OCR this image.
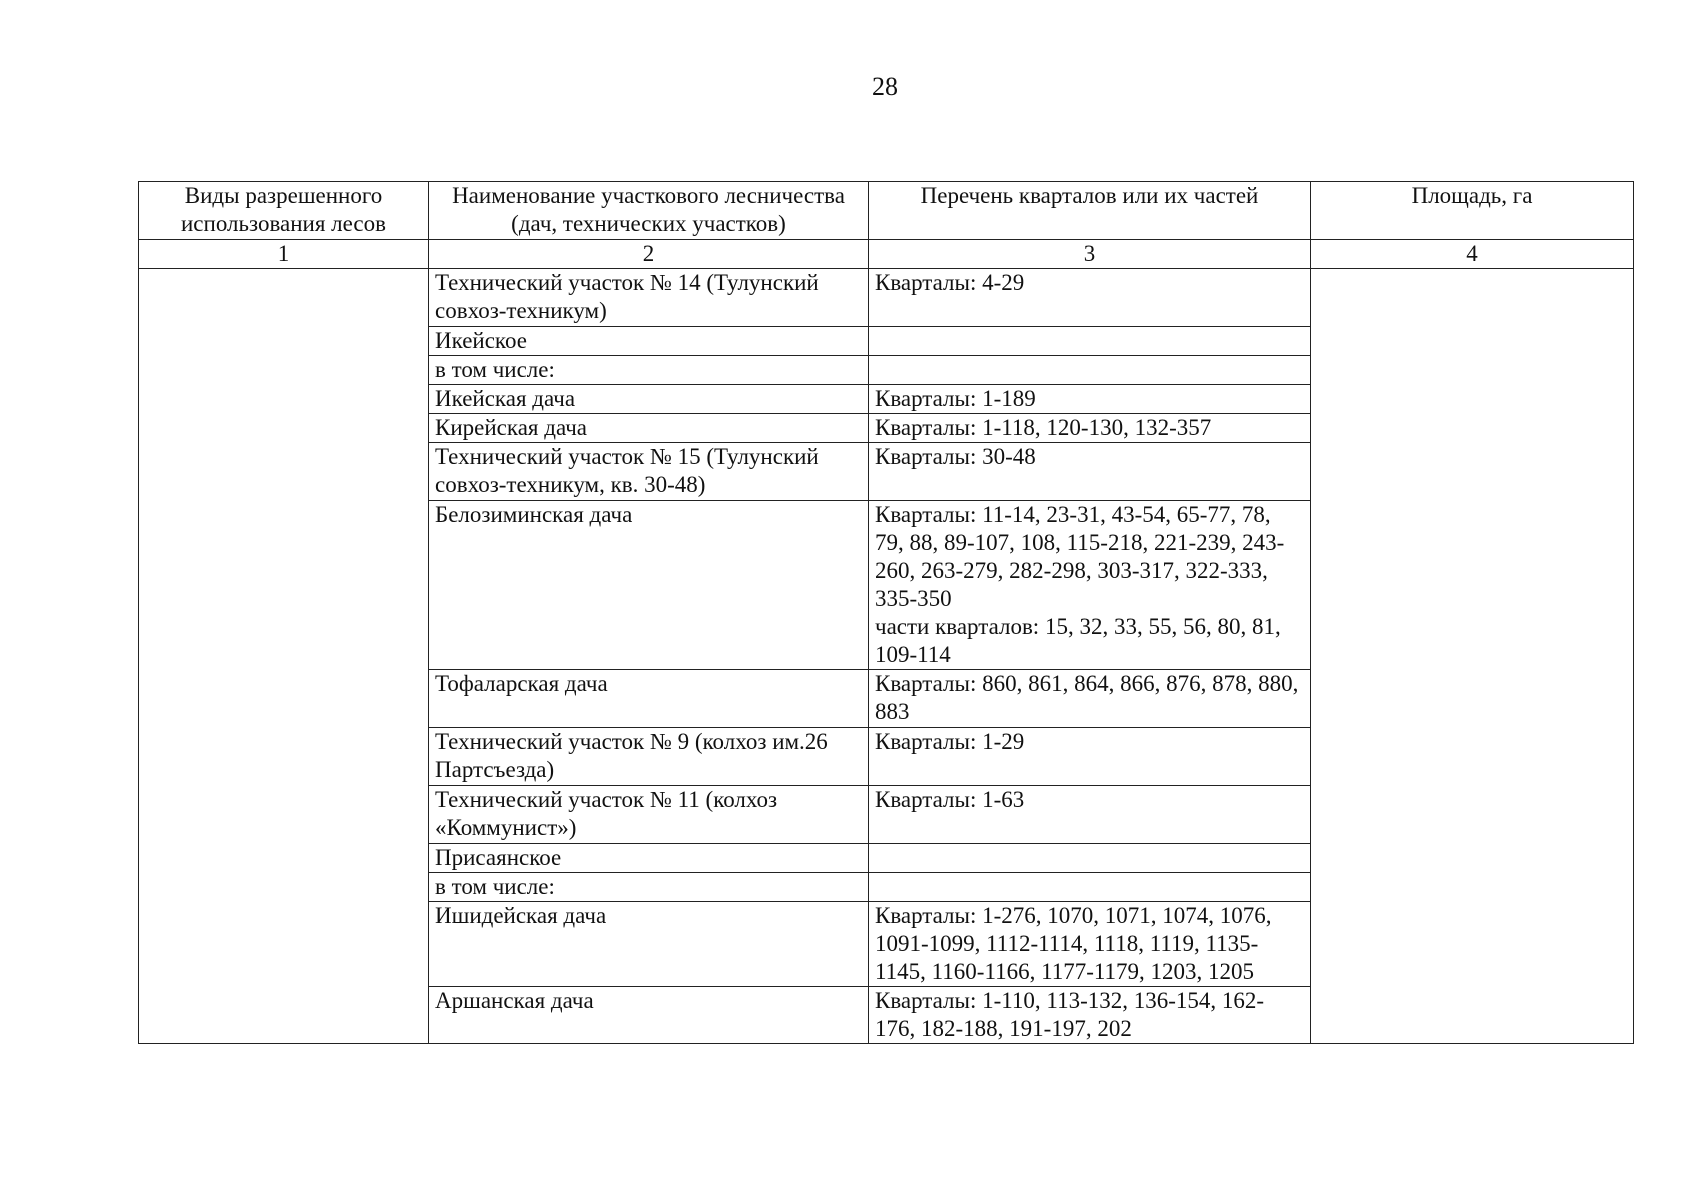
28
Виды разрешенного использования лесов	Наименование участкового лесничества (дач, технических участков)	Перечень кварталов или их частей	Площадь, га
1	2	3	4
	Технический участок № 14 (Тулунский совхоз-техникум)	Кварталы: 4-29	
	Икейское		
	в том числе:		
	Икейская дача	Кварталы: 1-189	
	Кирейская дача	Кварталы: 1-118, 120-130, 132-357	
	Технический участок № 15 (Тулунский совхоз-техникум, кв. 30-48)	Кварталы: 30-48	
	Белозиминская дача	Кварталы: 11-14, 23-31, 43-54, 65-77, 78, 79, 88, 89-107, 108, 115-218, 221-239, 243-260, 263-279, 282-298, 303-317, 322-333, 335-350
части кварталов: 15, 32, 33, 55, 56, 80, 81, 109-114	

	Тофаларская дача	Кварталы: 860, 861, 864, 866, 876, 878, 880, 883	
	Технический участок № 9 (колхоз им.26 Партсъезда)	Кварталы: 1-29	
	Технический участок № 11 (колхоз «Коммунист»)	Кварталы: 1-63	
	Присаянское		
	в том числе:		
	Ишидейская дача	Кварталы: 1-276, 1070, 1071, 1074, 1076, 1091-1099, 1112-1114, 1118, 1119, 1135-1145, 1160-1166, 1177-1179, 1203, 1205	
	Аршанская дача	Кварталы: 1-110, 113-132, 136-154, 162-176, 182-188, 191-197, 202	
